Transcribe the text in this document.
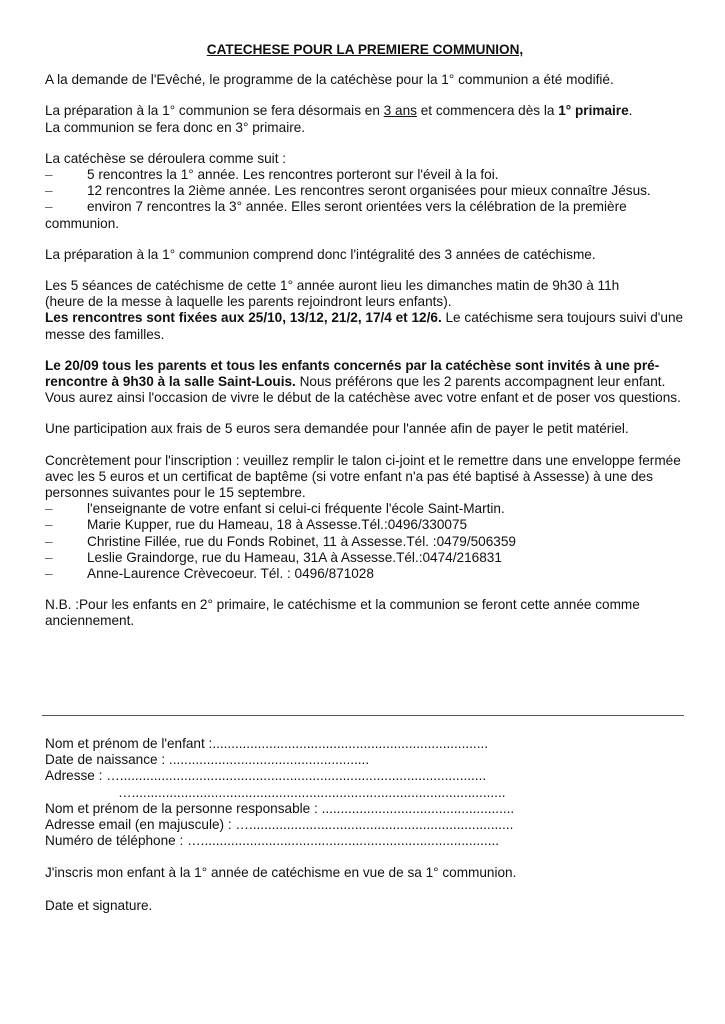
CATECHESE POUR LA PREMIERE COMMUNION,

A la demande de l'Evêché, le programme de la catéchèse pour la 1° communion a été modifié.

La préparation à la 1° communion se fera désormais en 3 ans et commencera dès la 1° primaire.
La communion se fera donc en 3° primaire.

La catéchèse se déroulera comme suit :
–	5 rencontres la 1° année. Les rencontres porteront sur l'éveil à la foi.
–	12 rencontres la 2ième année. Les rencontres seront organisées pour mieux connaître Jésus.
–	environ 7 rencontres la 3° année. Elles seront orientées vers la célébration de la première communion.

La préparation à la 1° communion comprend donc l'intégralité des 3 années de catéchisme.

Les 5 séances de catéchisme de cette 1° année auront lieu les dimanches matin de 9h30 à 11h
(heure de la messe à laquelle les parents rejoindront leurs enfants).
Les rencontres sont fixées aux 25/10, 13/12, 21/2, 17/4 et 12/6. Le catéchisme sera toujours suivi d'une messe des familles.

Le 20/09 tous les parents et tous les enfants concernés par la catéchèse sont invités à une pré-rencontre à 9h30 à la salle Saint-Louis. Nous préférons que les 2 parents accompagnent leur enfant. Vous aurez ainsi l'occasion de vivre le début de la catéchèse avec votre enfant et de poser vos questions.

Une participation aux frais de 5 euros sera demandée pour l'année afin de payer le petit matériel.

Concrètement pour l'inscription : veuillez remplir le talon ci-joint et le remettre dans une enveloppe fermée avec les 5 euros et un certificat de baptême (si votre enfant n'a pas été baptisé à Assesse) à une des personnes suivantes pour le 15 septembre.
–	l'enseignante de votre enfant si celui-ci fréquente l'école Saint-Martin.
–	Marie Kupper, rue du Hameau, 18 à Assesse.Tél.:0496/330075
–	Christine Fillée, rue du Fonds Robinet, 11 à Assesse.Tél. :0479/506359
–	Leslie Graindorge, rue du Hameau, 31A à Assesse.Tél.:0474/216831
–	Anne-Laurence Crèvecoeur. Tél. : 0496/871028

N.B. :Pour les enfants en 2° primaire, le catéchisme et la communion se feront cette année comme anciennement.

Nom et prénom de l'enfant :.........................................................................
Date de naissance : .....................................................
Adresse : ….................................................................................................
…...................................................................................................
Nom et prénom de la personne responsable : ...................................................
Adresse email (en majuscule) : …......................................................................
Numéro de téléphone : …...............................................................................
J'inscris mon enfant à la 1° année de catéchisme en vue de sa 1° communion.
Date et signature.
